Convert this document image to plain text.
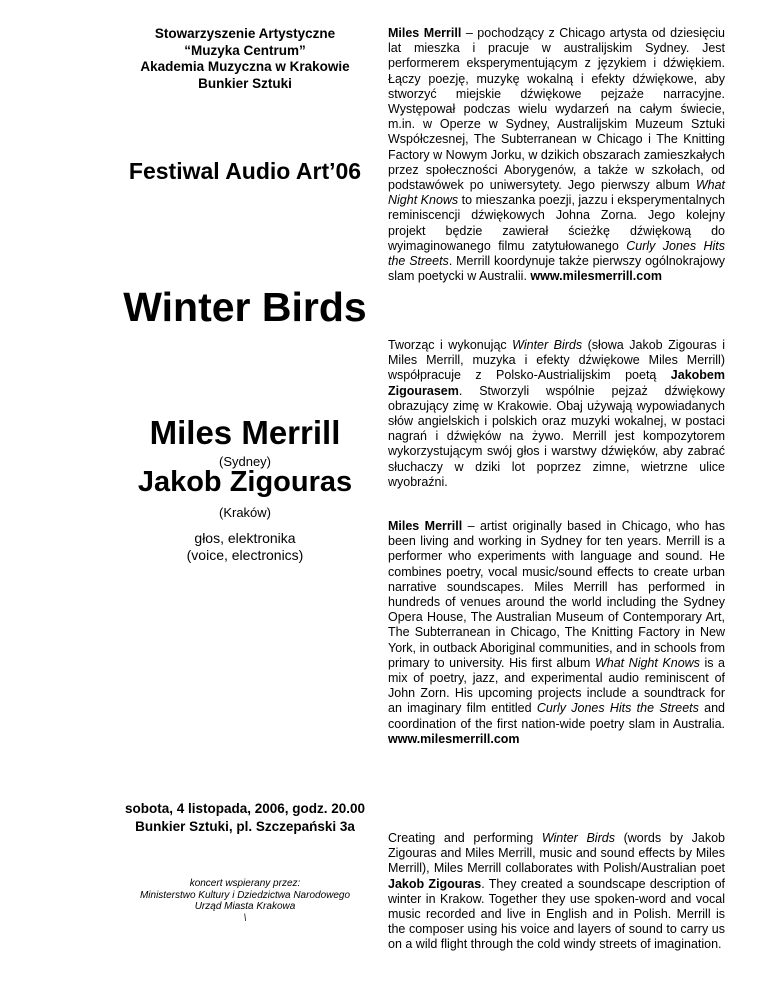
Stowarzyszenie Artystyczne
“Muzyka Centrum”
Akademia Muzyczna w Krakowie
Bunkier Sztuki
Festiwal Audio Art’06
Winter Birds
Miles Merrill
(Sydney)
Jakob Zigouras
(Kraków)
głos, elektronika
(voice, electronics)
sobota, 4 listopada, 2006, godz. 20.00
Bunkier Sztuki, pl. Szczepański 3a
koncert wspierany przez:
Ministerstwo Kultury i Dziedzictwa Narodowego
Urząd Miasta Krakowa
\

Miles Merrill – pochodzący z Chicago artysta od dziesięciu lat mieszka i pracuje w australijskim Sydney. Jest performerem eksperymentującym z językiem i dźwiękiem. Łączy poezję, muzykę wokalną i efekty dźwiękowe, aby stworzyć miejskie dźwiękowe pejzaże narracyjne. Występował podczas wielu wydarzeń na całym świecie, m.in. w Operze w Sydney, Australijskim Muzeum Sztuki Współczesnej, The Subterranean w Chicago i The Knitting Factory w Nowym Jorku, w dzikich obszarach zamieszkałych przez społeczności Aborygenów, a także w szkołach, od podstawówek po uniwersytety. Jego pierwszy album What Night Knows to mieszanka poezji, jazzu i eksperymentalnych reminiscencji dźwiękowych Johna Zorna. Jego kolejny projekt będzie zawierał ścieżkę dźwiękową do wyimaginowanego filmu zatytułowanego Curly Jones Hits the Streets. Merrill koordynuje także pierwszy ogólnokrajowy slam poetycki w Australii. www.milesmerrill.com

Tworząc i wykonując Winter Birds (słowa Jakob Zigouras i Miles Merrill, muzyka i efekty dźwiękowe Miles Merrill) współpracuje z Polsko-Austrialijskim poetą Jakobem Zigourasem. Stworzyli wspólnie pejzaż dźwiękowy obrazujący zimę w Krakowie. Obaj używają wypowiadanych słów angielskich i polskich oraz muzyki wokalnej, w postaci nagrań i dźwięków na żywo. Merrill jest kompozytorem wykorzystującym swój głos i warstwy dźwięków, aby zabrać słuchaczy w dziki lot poprzez zimne, wietrzne ulice wyobraźni.

Miles Merrill – artist originally based in Chicago, who has been living and working in Sydney for ten years. Merrill is a performer who experiments with language and sound. He combines poetry, vocal music/sound effects to create urban narrative soundscapes. Miles Merrill has performed in hundreds of venues around the world including the Sydney Opera House, The Australian Museum of Contemporary Art, The Subterranean in Chicago, The Knitting Factory in New York, in outback Aboriginal communities, and in schools from primary to university. His first album What Night Knows is a mix of poetry, jazz, and experimental audio reminiscent of John Zorn. His upcoming projects include a soundtrack for an imaginary film entitled Curly Jones Hits the Streets and coordination of the first nation-wide poetry slam in Australia. www.milesmerrill.com

Creating and performing Winter Birds (words by Jakob Zigouras and Miles Merrill, music and sound effects by Miles Merrill), Miles Merrill collaborates with Polish/Australian poet Jakob Zigouras. They created a soundscape description of winter in Krakow. Together they use spoken-word and vocal music recorded and live in English and in Polish. Merrill is the composer using his voice and layers of sound to carry us on a wild flight through the cold windy streets of imagination.
